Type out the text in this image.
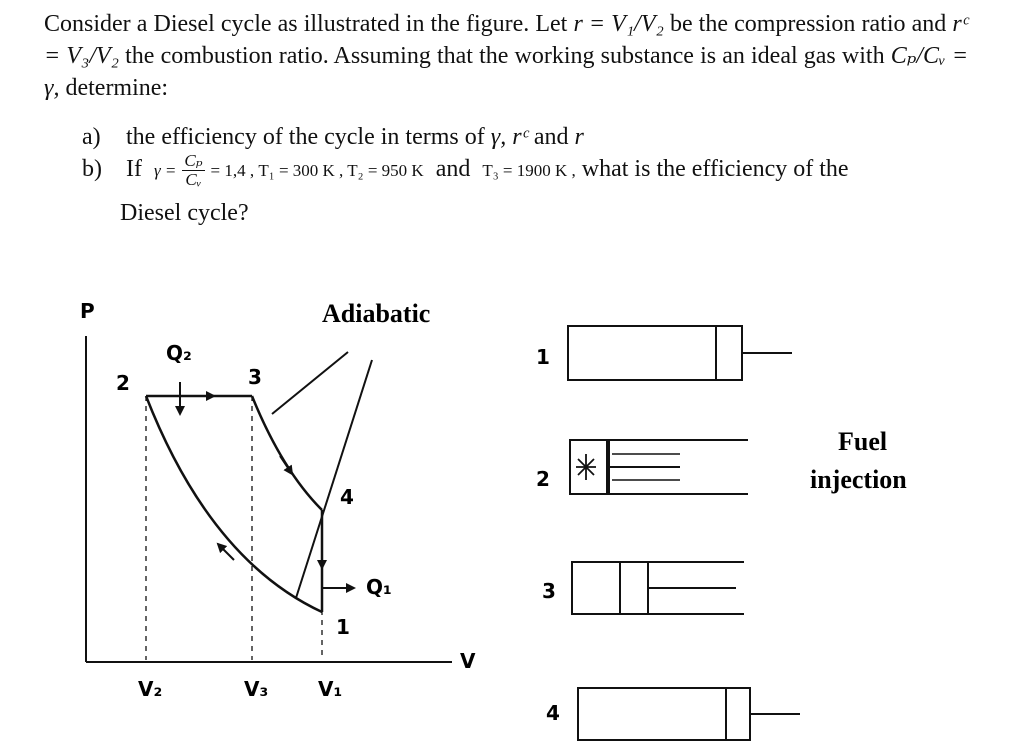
Consider a Diesel cycle as illustrated in the figure. Let r = V₁/V₂ be the compression ratio and rᶜ = V₃/V₂ the combustion ratio. Assuming that the working substance is an ideal gas with Cₚ/Cᵥ = γ, determine:
a) the efficiency of the cycle in terms of γ, rᶜ and r
b) If $\gamma = \frac{\text{Cₚ}}{\text{Cᵥ}} = 1,4$ , T₁ = 300 K , T₂ = 950 K and T₃ = 1900 K , what is the efficiency of the
Diesel cycle?
P
V
Adiabatic
Q₂
Q₁
2	3
4
1
V₂	V₃ V₁
1
2
Fuel
injection
3
4
